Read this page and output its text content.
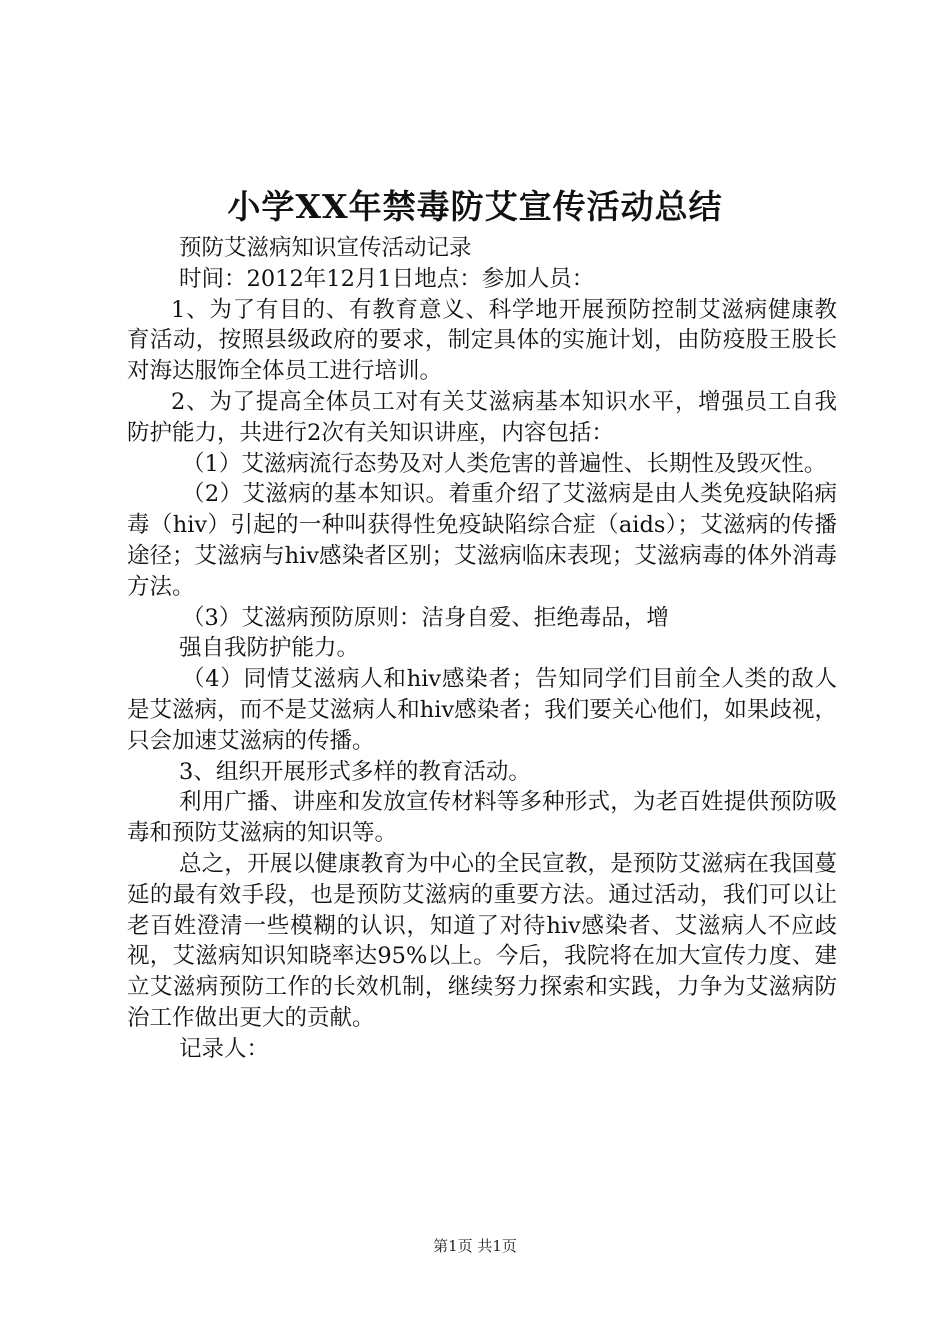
小学XX年禁毒防艾宣传活动总结

预防艾滋病知识宣传活动记录

时间：2012年12月1日地点：参加人员：

1、为了有目的、有教育意义、科学地开展预防控制艾滋病健康教育活动，按照县级政府的要求，制定具体的实施计划，由防疫股王股长对海达服饰全体员工进行培训。

2、为了提高全体员工对有关艾滋病基本知识水平，增强员工自我防护能力，共进行2次有关知识讲座，内容包括：

（1）艾滋病流行态势及对人类危害的普遍性、长期性及毁灭性。

（2）艾滋病的基本知识。着重介绍了艾滋病是由人类免疫缺陷病毒（hiv）引起的一种叫获得性免疫缺陷综合症（aids）；艾滋病的传播途径；艾滋病与hiv感染者区别；艾滋病临床表现；艾滋病毒的体外消毒方法。

（3）艾滋病预防原则：洁身自爱、拒绝毒品，增

强自我防护能力。

（4）同情艾滋病人和hiv感染者；告知同学们目前全人类的敌人是艾滋病，而不是艾滋病人和hiv感染者；我们要关心他们，如果歧视，只会加速艾滋病的传播。

3、组织开展形式多样的教育活动。

利用广播、讲座和发放宣传材料等多种形式，为老百姓提供预防吸毒和预防艾滋病的知识等。

总之，开展以健康教育为中心的全民宣教，是预防艾滋病在我国蔓延的最有效手段，也是预防艾滋病的重要方法。通过活动，我们可以让老百姓澄清一些模糊的认识，知道了对待hiv感染者、艾滋病人不应歧视，艾滋病知识知晓率达95%以上。今后，我院将在加大宣传力度、建立艾滋病预防工作的长效机制，继续努力探索和实践，力争为艾滋病防治工作做出更大的贡献。

记录人：

第1页 共1页
